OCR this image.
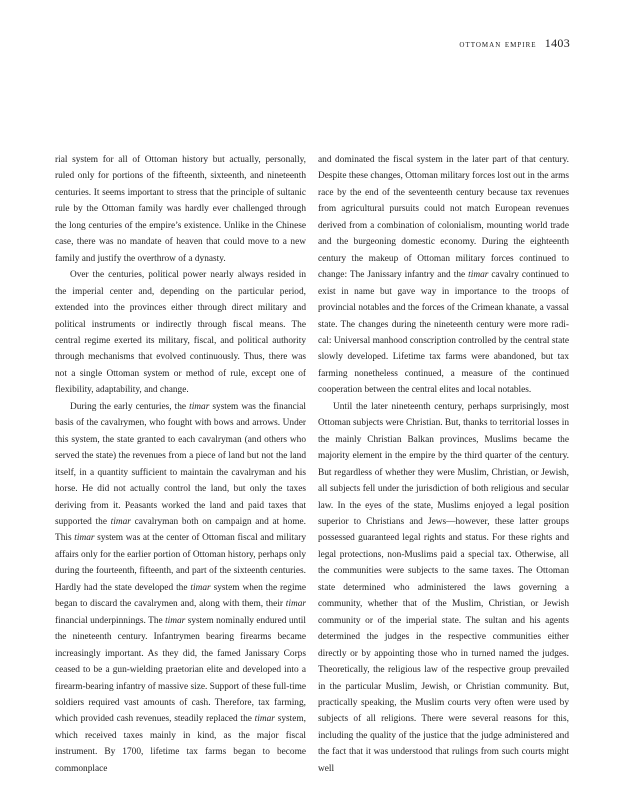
ottoman empire 1403

rial system for all of Ottoman history but actually, personally, ruled only for portions of the fifteenth, sixteenth, and nineteenth centuries. It seems important to stress that the principle of sultanic rule by the Ottoman family was hardly ever challenged through the long centuries of the empire’s existence. Unlike in the Chinese case, there was no mandate of heaven that could move to a new family and justify the overthrow of a dynasty.

Over the centuries, political power nearly always resided in the imperial center and, depending on the particular period, extended into the provinces either through direct military and political instruments or indirectly through fiscal means. The central regime exerted its military, fiscal, and political authority through mechanisms that evolved continuously. Thus, there was not a single Ottoman system or method of rule, except one of flexibility, adaptability, and change.

During the early centuries, the timar system was the financial basis of the cavalrymen, who fought with bows and arrows. Under this system, the state granted to each cavalryman (and others who served the state) the revenues from a piece of land but not the land itself, in a quantity sufficient to maintain the cavalryman and his horse. He did not actually control the land, but only the taxes deriving from it. Peasants worked the land and paid taxes that supported the timar cavalryman both on campaign and at home. This timar system was at the center of Ottoman fiscal and military affairs only for the earlier portion of Ottoman history, perhaps only during the fourteenth, fifteenth, and part of the sixteenth centuries. Hardly had the state developed the timar system when the regime began to discard the cavalrymen and, along with them, their timar financial underpinnings. The timar system nominally endured until the nineteenth century. Infantrymen bearing firearms became increasingly important. As they did, the famed Janissary Corps ceased to be a gun-wielding praetorian elite and developed into a firearm-bearing infantry of massive size. Support of these full-time soldiers required vast amounts of cash. Therefore, tax farming, which provided cash revenues, steadily replaced the timar system, which received taxes mainly in kind, as the major fiscal instrument. By 1700, lifetime tax farms began to become commonplace

and dominated the fiscal system in the later part of that century. Despite these changes, Ottoman military forces lost out in the arms race by the end of the seventeenth century because tax revenues from agricultural pursuits could not match European revenues derived from a combination of colonialism, mounting world trade and the burgeoning domestic economy. During the eighteenth century the makeup of Ottoman military forces continued to change: The Janissary infantry and the timar cavalry continued to exist in name but gave way in importance to the troops of provincial notables and the forces of the Crimean khanate, a vassal state. The changes during the nineteenth century were more radical: Universal manhood conscription controlled by the central state slowly developed. Lifetime tax farms were abandoned, but tax farming nonetheless continued, a measure of the continued cooperation between the central elites and local notables.

Until the later nineteenth century, perhaps surprisingly, most Ottoman subjects were Christian. But, thanks to territorial losses in the mainly Christian Balkan provinces, Muslims became the majority element in the empire by the third quarter of the century. But regardless of whether they were Muslim, Christian, or Jewish, all subjects fell under the jurisdiction of both religious and secular law. In the eyes of the state, Muslims enjoyed a legal position superior to Christians and Jews—however, these latter groups possessed guaranteed legal rights and status. For these rights and legal protections, non-Muslims paid a special tax. Otherwise, all the communities were subjects to the same taxes. The Ottoman state determined who administered the laws governing a community, whether that of the Muslim, Christian, or Jewish community or of the imperial state. The sultan and his agents determined the judges in the respective communities either directly or by appointing those who in turned named the judges. Theoretically, the religious law of the respective group prevailed in the particular Muslim, Jewish, or Christian community. But, practically speaking, the Muslim courts very often were used by subjects of all religions. There were several reasons for this, including the quality of the justice that the judge administered and the fact that it was understood that rulings from such courts might well
